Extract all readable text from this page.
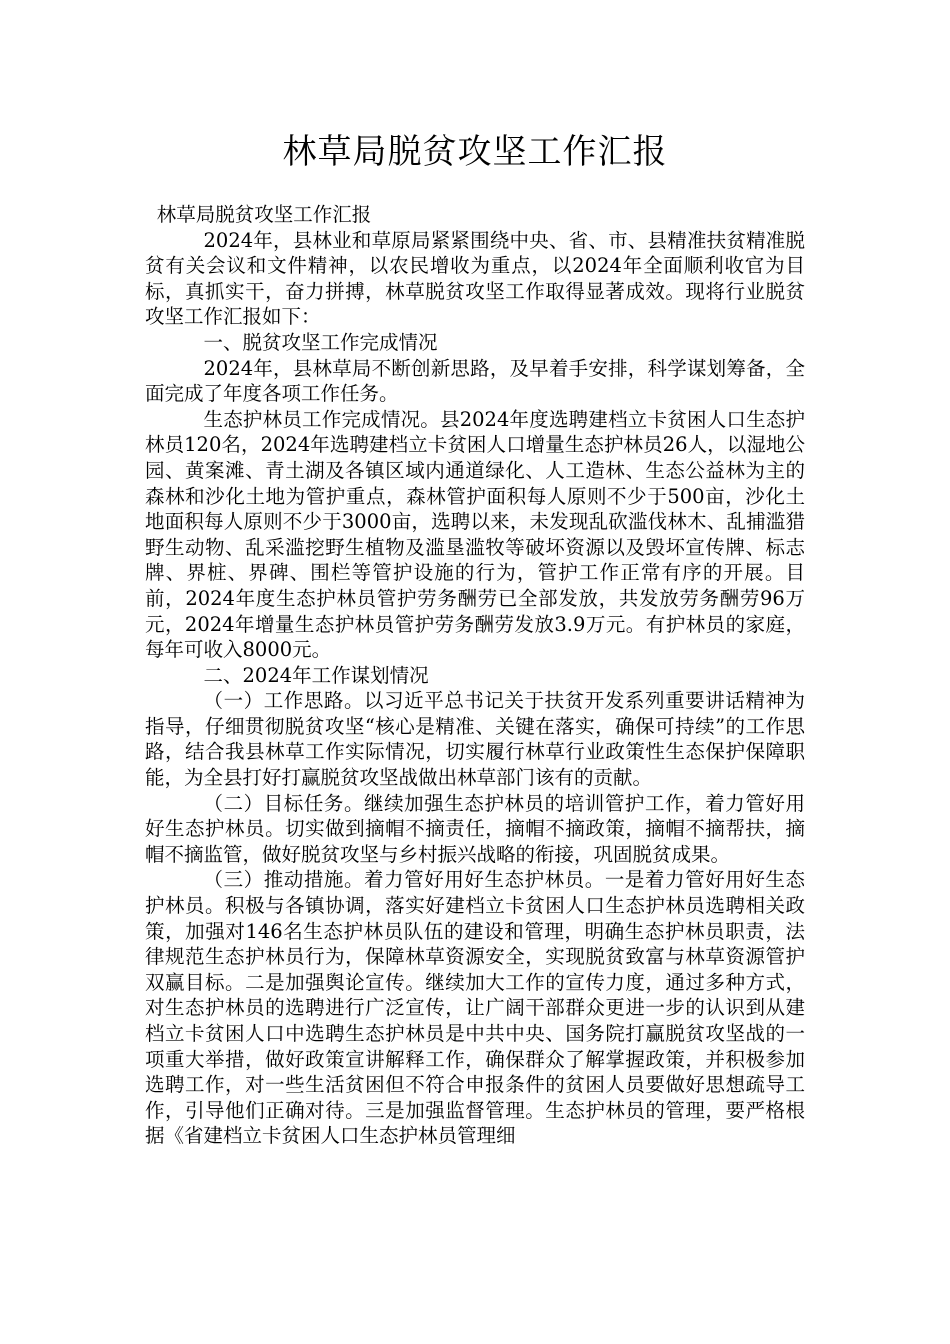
林草局脱贫攻坚工作汇报

林草局脱贫攻坚工作汇报

2024年，县林业和草原局紧紧围绕中央、省、市、县精准扶贫精准脱贫有关会议和文件精神，以农民增收为重点，以2024年全面顺利收官为目标，真抓实干，奋力拼搏，林草脱贫攻坚工作取得显著成效。现将行业脱贫攻坚工作汇报如下：

一、脱贫攻坚工作完成情况

2024年，县林草局不断创新思路，及早着手安排，科学谋划筹备，全面完成了年度各项工作任务。

生态护林员工作完成情况。县2024年度选聘建档立卡贫困人口生态护林员120名，2024年选聘建档立卡贫困人口增量生态护林员26人，以湿地公园、黄案滩、青土湖及各镇区域内通道绿化、人工造林、生态公益林为主的森林和沙化土地为管护重点，森林管护面积每人原则不少于500亩，沙化土地面积每人原则不少于3000亩，选聘以来，未发现乱砍滥伐林木、乱捕滥猎野生动物、乱采滥挖野生植物及滥垦滥牧等破坏资源以及毁坏宣传牌、标志牌、界桩、界碑、围栏等管护设施的行为，管护工作正常有序的开展。目前，2024年度生态护林员管护劳务酬劳已全部发放，共发放劳务酬劳96万元，2024年增量生态护林员管护劳务酬劳发放3.9万元。有护林员的家庭，每年可收入8000元。

二、2024年工作谋划情况

（一）工作思路。以习近平总书记关于扶贫开发系列重要讲话精神为指导，仔细贯彻脱贫攻坚“核心是精准、关键在落实，确保可持续”的工作思路，结合我县林草工作实际情况，切实履行林草行业政策性生态保护保障职能，为全县打好打赢脱贫攻坚战做出林草部门该有的贡献。

（二）目标任务。继续加强生态护林员的培训管护工作，着力管好用好生态护林员。切实做到摘帽不摘责任，摘帽不摘政策，摘帽不摘帮扶，摘帽不摘监管，做好脱贫攻坚与乡村振兴战略的衔接，巩固脱贫成果。

（三）推动措施。着力管好用好生态护林员。一是着力管好用好生态护林员。积极与各镇协调，落实好建档立卡贫困人口生态护林员选聘相关政策，加强对146名生态护林员队伍的建设和管理，明确生态护林员职责，法律规范生态护林员行为，保障林草资源安全，实现脱贫致富与林草资源管护双赢目标。二是加强舆论宣传。继续加大工作的宣传力度，通过多种方式，对生态护林员的选聘进行广泛宣传，让广阔干部群众更进一步的认识到从建档立卡贫困人口中选聘生态护林员是中共中央、国务院打赢脱贫攻坚战的一项重大举措，做好政策宣讲解释工作，确保群众了解掌握政策，并积极参加选聘工作，对一些生活贫困但不符合申报条件的贫困人员要做好思想疏导工作，引导他们正确对待。三是加强监督管理。生态护林员的管理，要严格根据《省建档立卡贫困人口生态护林员管理细
